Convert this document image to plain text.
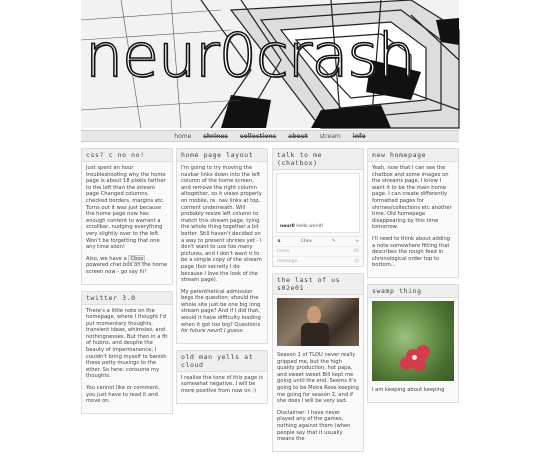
neur0crash
home shrines collections about stream info
css? c no no!

Just spent an hour troubleshooting why the home page is about 18 pixels farther to the left than the stream page Changed columns, checked borders, margins etc. Turns out it was just because the home page now has enough content to warrant a scrollbar, nudging everything very slightly over to the left. Won't be forgetting that one any time soon!

Also, we have a Cbox powered chat box on the home screen now - go say hi!

twitter 3.0

There's a little note on the homepage, where I thought I'd put momentary thoughts, transient ideas, whimsies, and nothingnesses. But then in a fit of hubris, and despite the beauty of impermanence, I couldn't bring myself to banish these petty musings to the ether. So here: consume my thoughts.

You cannot like or comment, you just have to read it and move on.

home page layout

I'm going to try moving the navbar links down into the left column of the home screen, and remove the right column altogether, so it views properly on mobile, re. nav links at top, content underneath. Will probably resize left column to match this stream page, tying the whole thing together a bit better. Still haven't decided on a way to present shrines yet - I don't want to use too many pictures, and I don't want it to be a simple copy of the stream page (but secretly I do because I love the look of the stream page).

My parenthetical admission begs the question; should the whole site just be one big long stream page? And if I did that, would it have difficulty loading when it got too big? Questions for future neur0 I guess.

old man yells at cloud

I realise the tone of this page is somewhat negative, I will be more positive from now on :)

talk to me (chatbox)
neur0 Hello world!
♟	Cbox	✎	∞
name	40
message	☺
the last of us s02e01

Season 1 of TLOU never really gripped me, but the high quality production, hot papa, and sweet sweet Bill kept me going until the end. Seems it's going to be Moira Rose keeping me going for season 2, and if she does I will be very sad.

Disclaimer: I have never played any of the games, nothing against them (when people say that it usually means the

new homepage

Yeah, now that I can see the chatbox and some images on the streams page, I know I want it to be the main home page. I can create differently formatted pages for shrines/collections etc another time. Old homepage disappearing by this time tomorrow.

I'll need to think about adding a note somewhere fitting that describes the rough feed in chronological order top to bottom...

swamp thing

I am keeping about keeping
